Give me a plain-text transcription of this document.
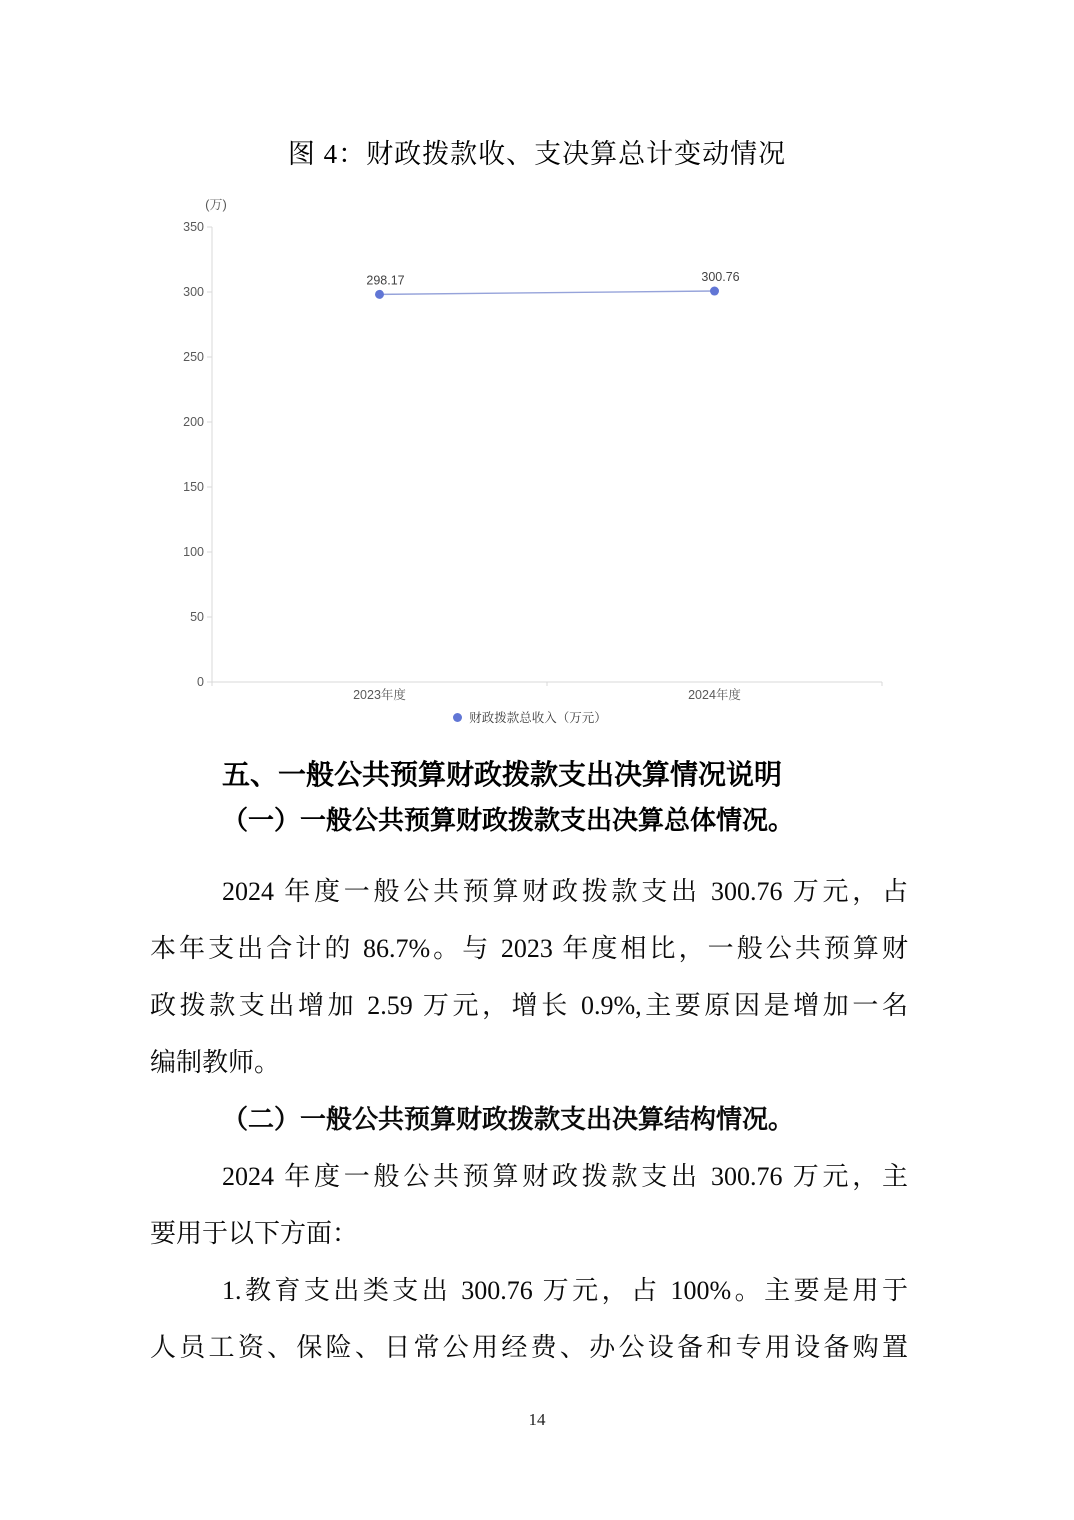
图 4：财政拨款收、支决算总计变动情况
0
50
100
150
200
250
300
350
(万)
2023年度	2024年度
298.17	300.76
财政拨款总收入（万元）
五、一般公共预算财政拨款支出决算情况说明
（一）一般公共预算财政拨款支出决算总体情况。
2024 年度一般公共预算财政拨款支出 300.76 万元，占
本年支出合计的 86.7%。与 2023 年度相比，一般公共预算财
政拨款支出增加 2.59 万元，增长 0.9%,主要原因是增加一名
编制教师。
（二）一般公共预算财政拨款支出决算结构情况。
2024 年度一般公共预算财政拨款支出 300.76 万元，主
要用于以下方面：
1.教育支出类支出 300.76 万元，占 100%。主要是用于
人员工资、保险、日常公用经费、办公设备和专用设备购置
14
